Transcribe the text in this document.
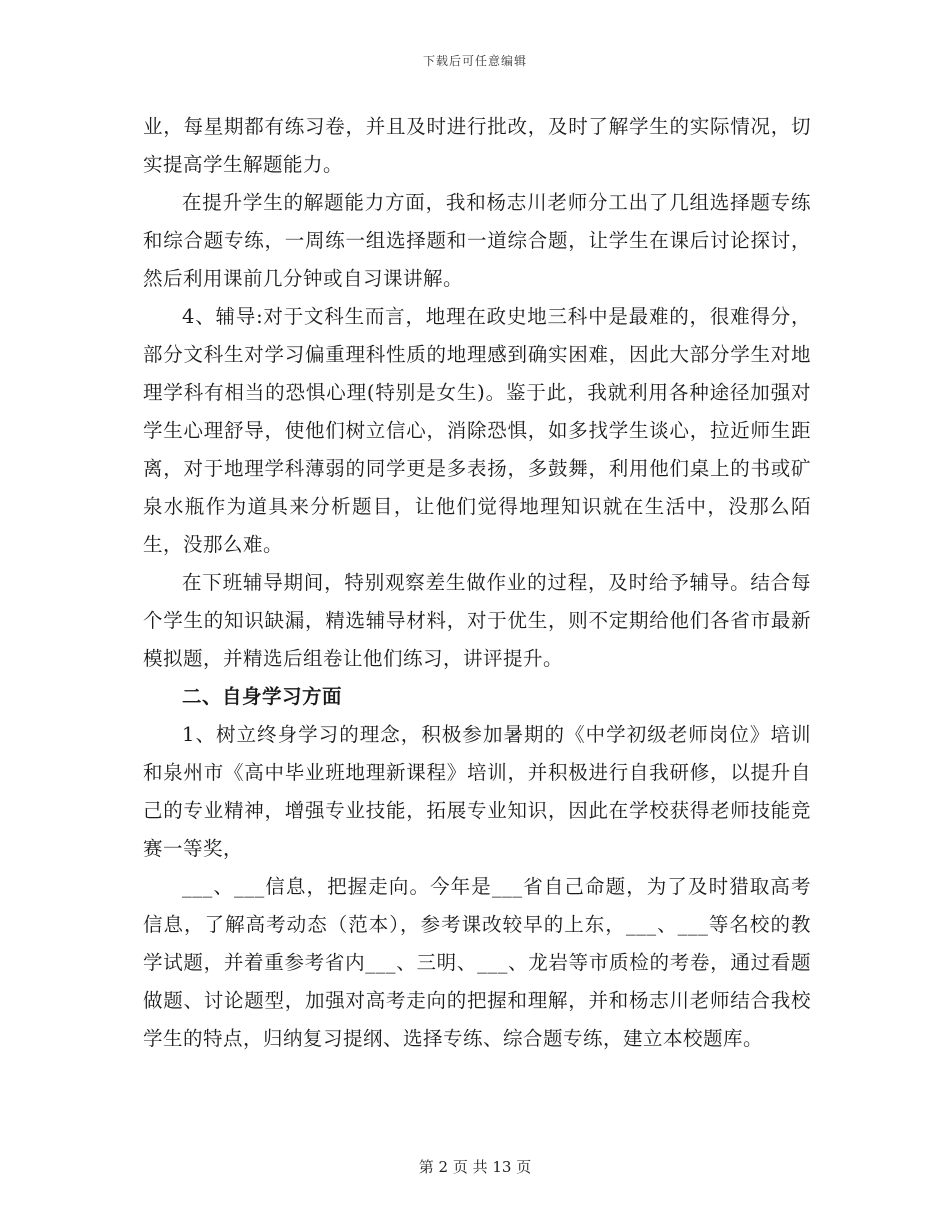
下载后可任意编辑

业，每星期都有练习卷，并且及时进行批改，及时了解学生的实际情况，切实提高学生解题能力。

在提升学生的解题能力方面，我和杨志川老师分工出了几组选择题专练和综合题专练，一周练一组选择题和一道综合题，让学生在课后讨论探讨，然后利用课前几分钟或自习课讲解。

4、辅导:对于文科生而言，地理在政史地三科中是最难的，很难得分，部分文科生对学习偏重理科性质的地理感到确实困难，因此大部分学生对地理学科有相当的恐惧心理(特别是女生)。鉴于此，我就利用各种途径加强对学生心理舒导，使他们树立信心，消除恐惧，如多找学生谈心，拉近师生距离，对于地理学科薄弱的同学更是多表扬，多鼓舞，利用他们桌上的书或矿泉水瓶作为道具来分析题目，让他们觉得地理知识就在生活中，没那么陌生，没那么难。

在下班辅导期间，特别观察差生做作业的过程，及时给予辅导。结合每个学生的知识缺漏，精选辅导材料，对于优生，则不定期给他们各省市最新模拟题，并精选后组卷让他们练习，讲评提升。

二、自身学习方面

1、树立终身学习的理念，积极参加暑期的《中学初级老师岗位》培训和泉州市《高中毕业班地理新课程》培训，并积极进行自我研修，以提升自己的专业精神，增强专业技能，拓展专业知识，因此在学校获得老师技能竞赛一等奖，

___、___信息，把握走向。今年是___省自己命题，为了及时猎取高考信息，了解高考动态（范本），参考课改较早的上东，___、___等名校的教学试题，并着重参考省内___、三明、___、龙岩等市质检的考卷，通过看题做题、讨论题型，加强对高考走向的把握和理解，并和杨志川老师结合我校学生的特点，归纳复习提纲、选择专练、综合题专练，建立本校题库。

第 2 页 共 13 页
